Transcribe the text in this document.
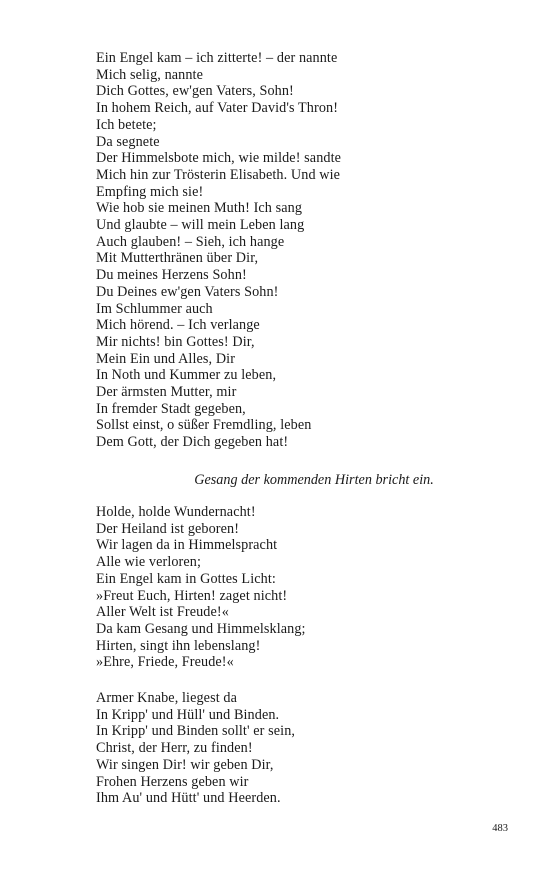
Ein Engel kam – ich zitterte! – der nannte
Mich selig, nannte
Dich Gottes, ew'gen Vaters, Sohn!
In hohem Reich, auf Vater David's Thron!
Ich betete;
Da segnete
Der Himmelsbote mich, wie milde! sandte
Mich hin zur Trösterin Elisabeth. Und wie
Empfing mich sie!
Wie hob sie meinen Muth! Ich sang
Und glaubte – will mein Leben lang
Auch glauben! – Sieh, ich hange
Mit Mutterthränen über Dir,
Du meines Herzens Sohn!
Du Deines ew'gen Vaters Sohn!
Im Schlummer auch
Mich hörend. – Ich verlange
Mir nichts! bin Gottes! Dir,
Mein Ein und Alles, Dir
In Noth und Kummer zu leben,
Der ärmsten Mutter, mir
In fremder Stadt gegeben,
Sollst einst, o süßer Fremdling, leben
Dem Gott, der Dich gegeben hat!
Gesang der kommenden Hirten bricht ein.
Holde, holde Wundernacht!
Der Heiland ist geboren!
Wir lagen da in Himmelspracht
Alle wie verloren;
Ein Engel kam in Gottes Licht:
»Freut Euch, Hirten! zaget nicht!
Aller Welt ist Freude!«
Da kam Gesang und Himmelsklang;
Hirten, singt ihn lebenslang!
»Ehre, Friede, Freude!«
Armer Knabe, liegest da
In Kripp' und Hüll' und Binden.
In Kripp' und Binden sollt' er sein,
Christ, der Herr, zu finden!
Wir singen Dir! wir geben Dir,
Frohen Herzens geben wir
Ihm Au' und Hütt' und Heerden.
483
